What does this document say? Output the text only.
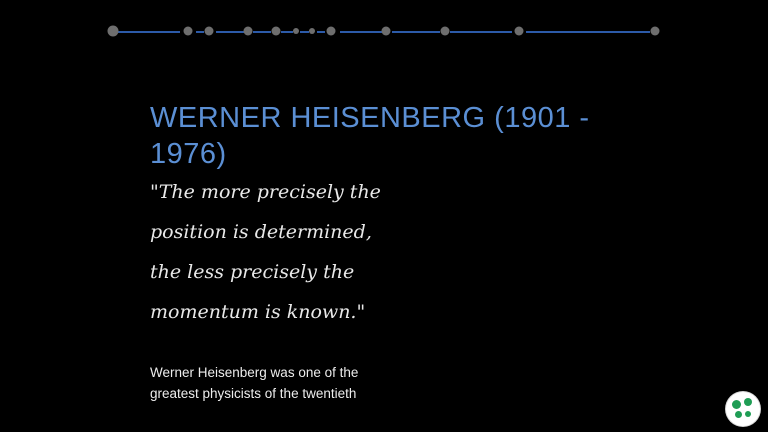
WERNER HEISENBERG (1901 - 1976)
"The more precisely the
position is determined,
the less precisely the
momentum is known."
Werner Heisenberg was one of the
greatest physicists of the twentieth
